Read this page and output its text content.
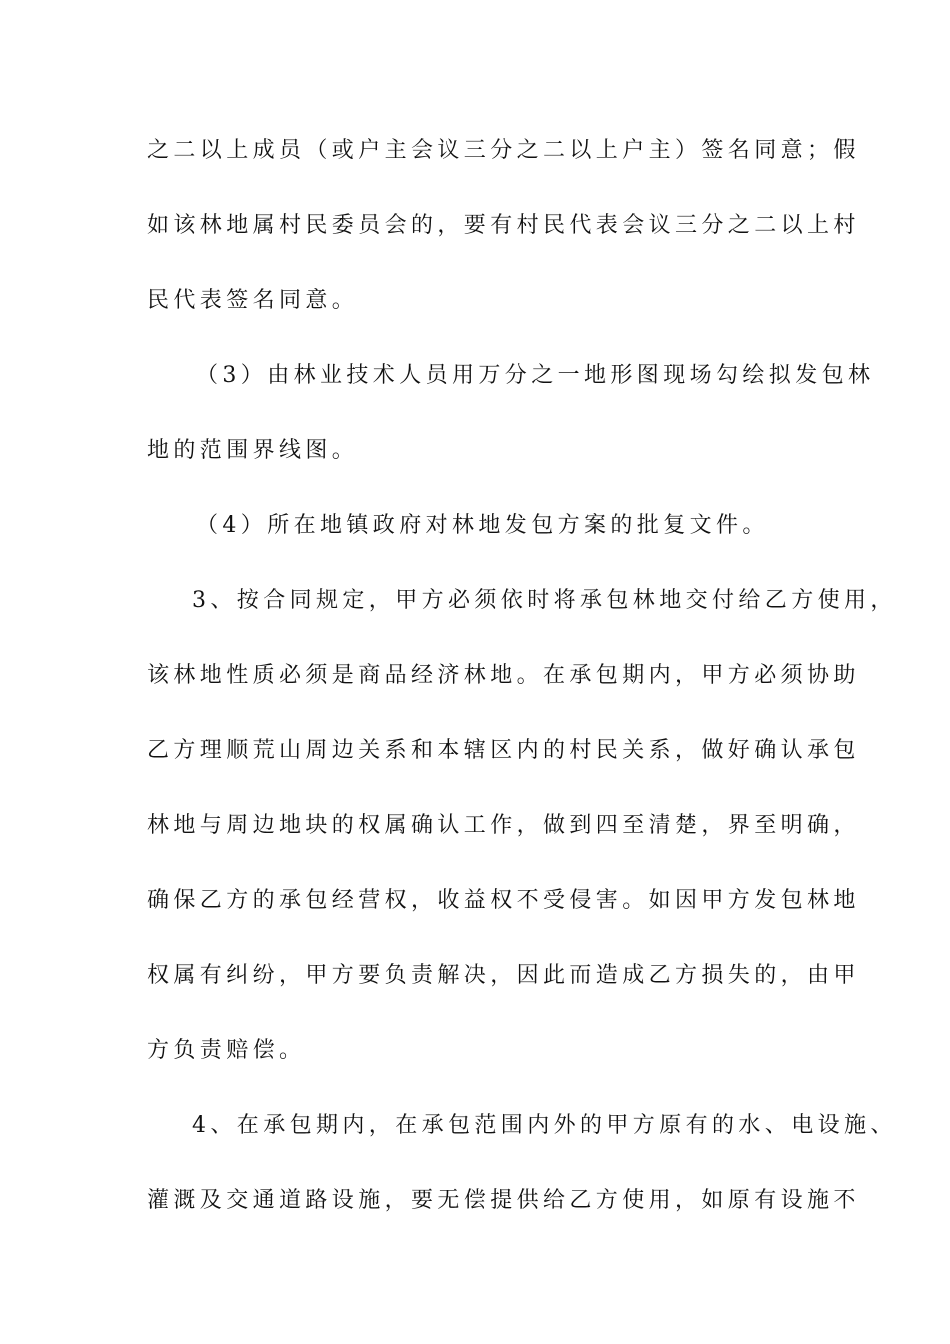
之二以上成员（或户主会议三分之二以上户主）签名同意；假
如该林地属村民委员会的，要有村民代表会议三分之二以上村
民代表签名同意。
（3）由林业技术人员用万分之一地形图现场勾绘拟发包林
地的范围界线图。
（4）所在地镇政府对林地发包方案的批复文件。
3、按合同规定，甲方必须依时将承包林地交付给乙方使用，
该林地性质必须是商品经济林地。在承包期内，甲方必须协助
乙方理顺荒山周边关系和本辖区内的村民关系，做好确认承包
林地与周边地块的权属确认工作，做到四至清楚，界至明确，
确保乙方的承包经营权，收益权不受侵害。如因甲方发包林地
权属有纠纷，甲方要负责解决，因此而造成乙方损失的，由甲
方负责赔偿。
4、在承包期内，在承包范围内外的甲方原有的水、电设施、
灌溉及交通道路设施，要无偿提供给乙方使用，如原有设施不
